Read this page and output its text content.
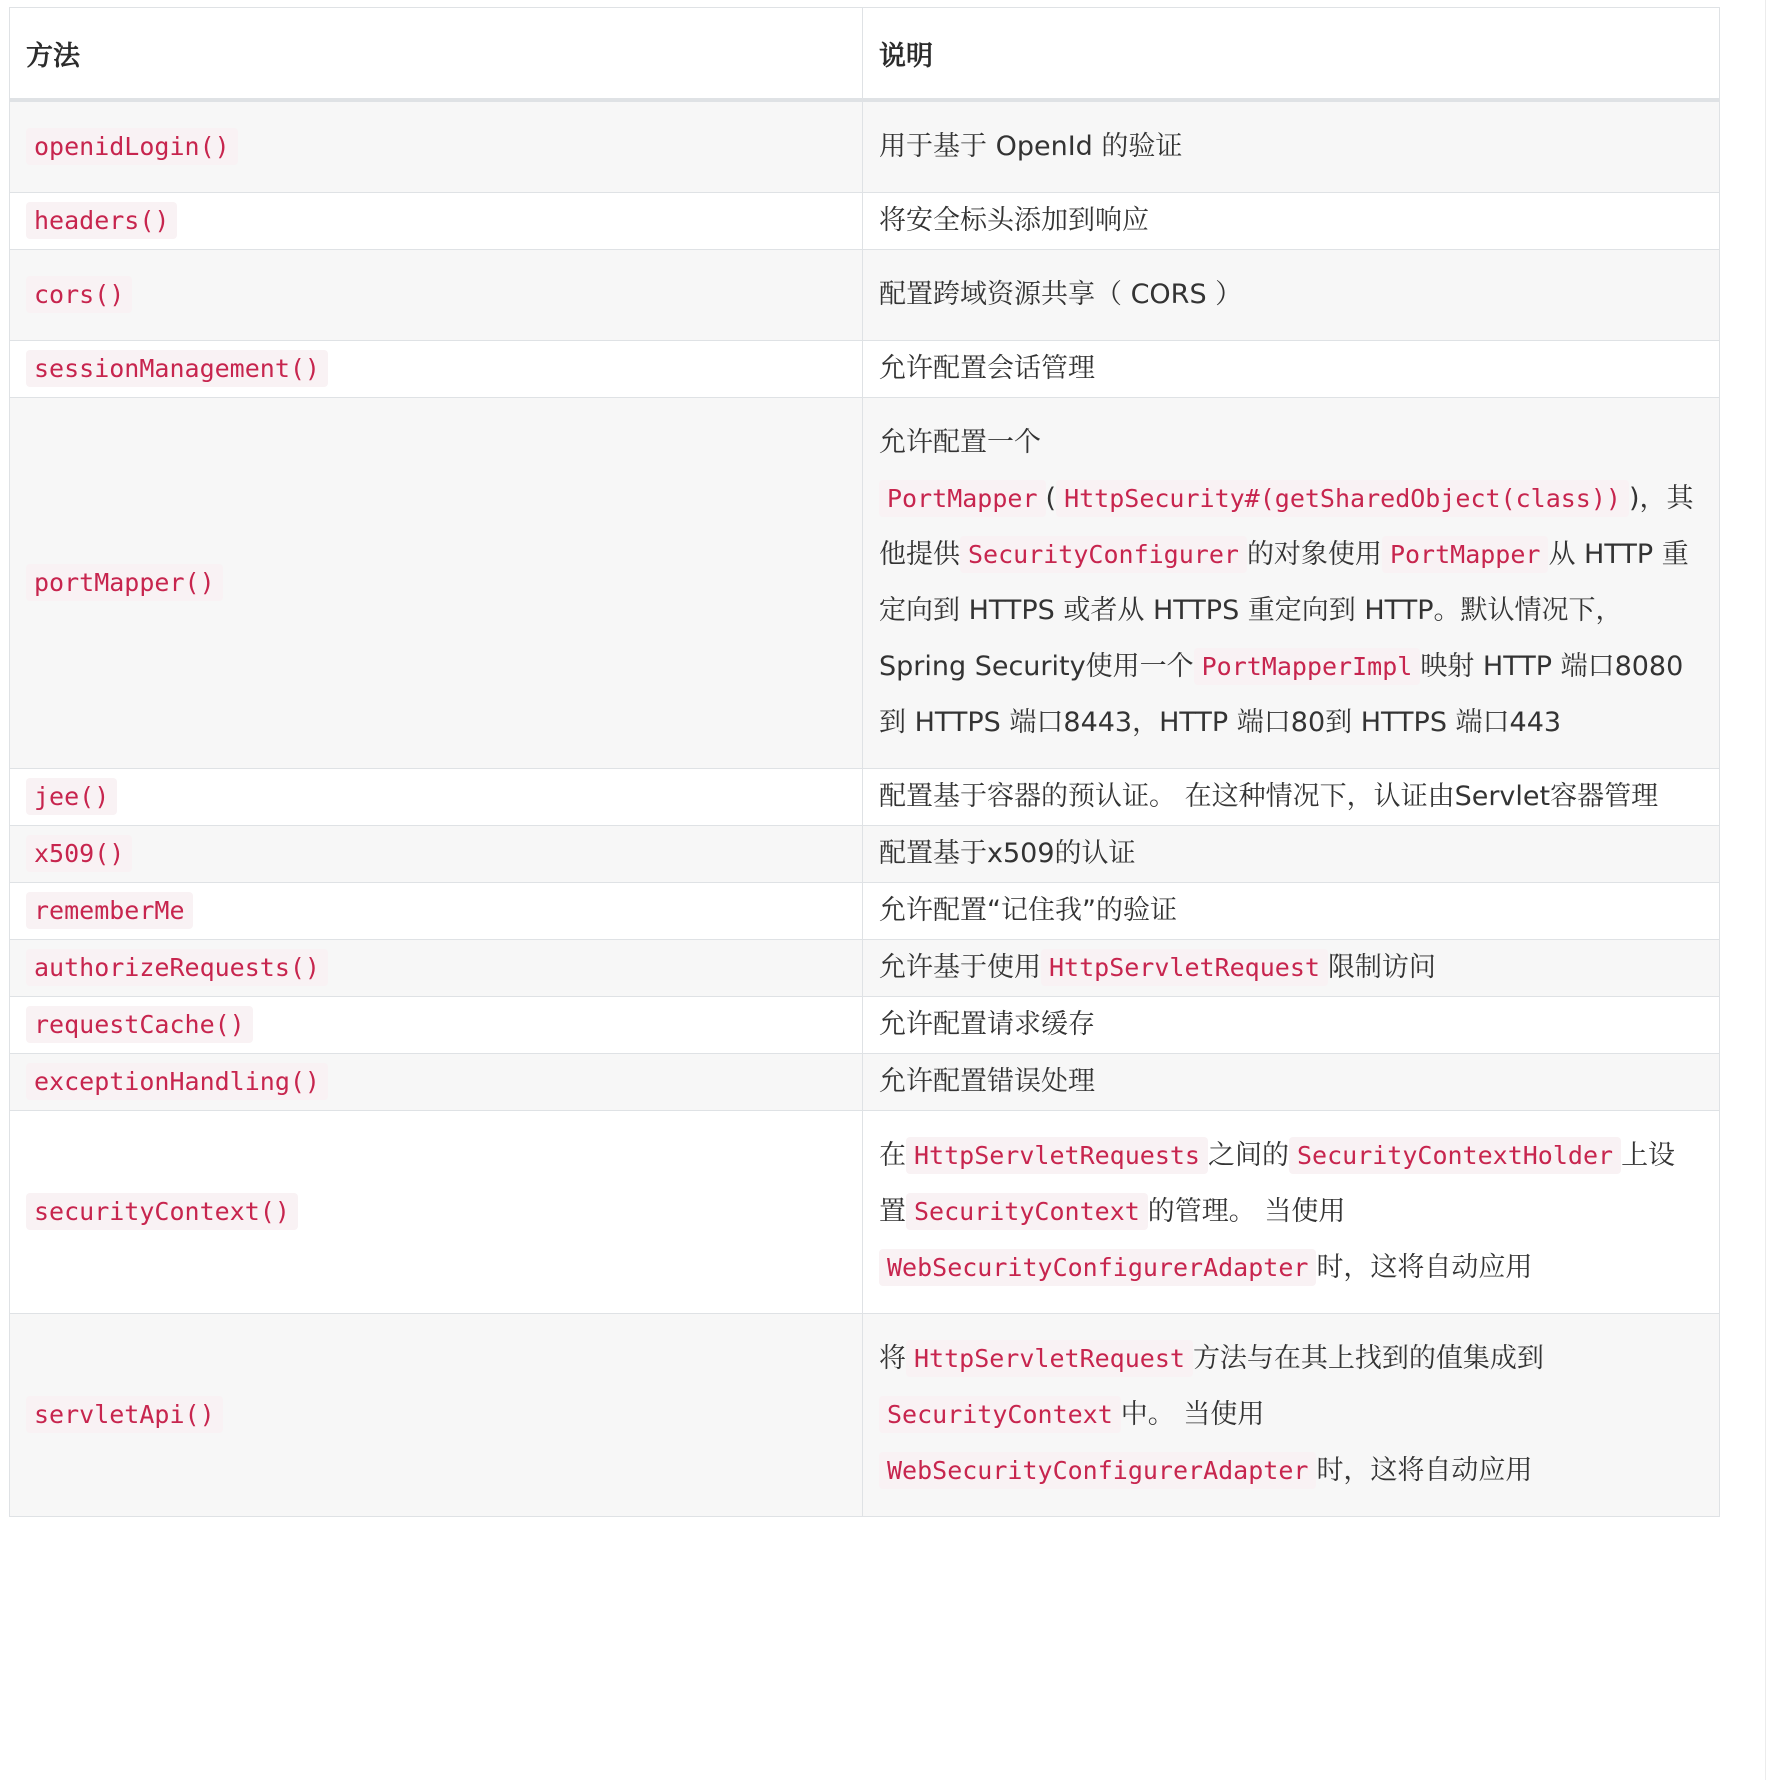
方法	说明
openidLogin()	用于基于 OpenId 的验证
headers()	将安全标头添加到响应
cors()	配置跨域资源共享（ CORS ）
sessionManagement()	允许配置会话管理
portMapper()	允许配置一个PortMapper ( HttpSecurity#(getSharedObject(class)) )，其他提供 SecurityConfigurer 的对象使用 PortMapper 从 HTTP 重定向到 HTTPS 或者从 HTTPS 重定向到 HTTP。默认情况下，Spring Security使用一个 PortMapperImpl 映射 HTTP 端口8080到 HTTPS 端口8443，HTTP 端口80到 HTTPS 端口443
jee()	配置基于容器的预认证。 在这种情况下，认证由Servlet容器管理
x509()	配置基于x509的认证
rememberMe	允许配置“记住我”的验证
authorizeRequests()	允许基于使用 HttpServletRequest 限制访问
requestCache()	允许配置请求缓存
exceptionHandling()	允许配置错误处理
securityContext()	在 HttpServletRequests 之间的 SecurityContextHolder 上设置 SecurityContext 的管理。 当使用WebSecurityConfigurerAdapter 时，这将自动应用
servletApi()	将 HttpServletRequest 方法与在其上找到的值集成到SecurityContext 中。 当使用WebSecurityConfigurerAdapter 时，这将自动应用
